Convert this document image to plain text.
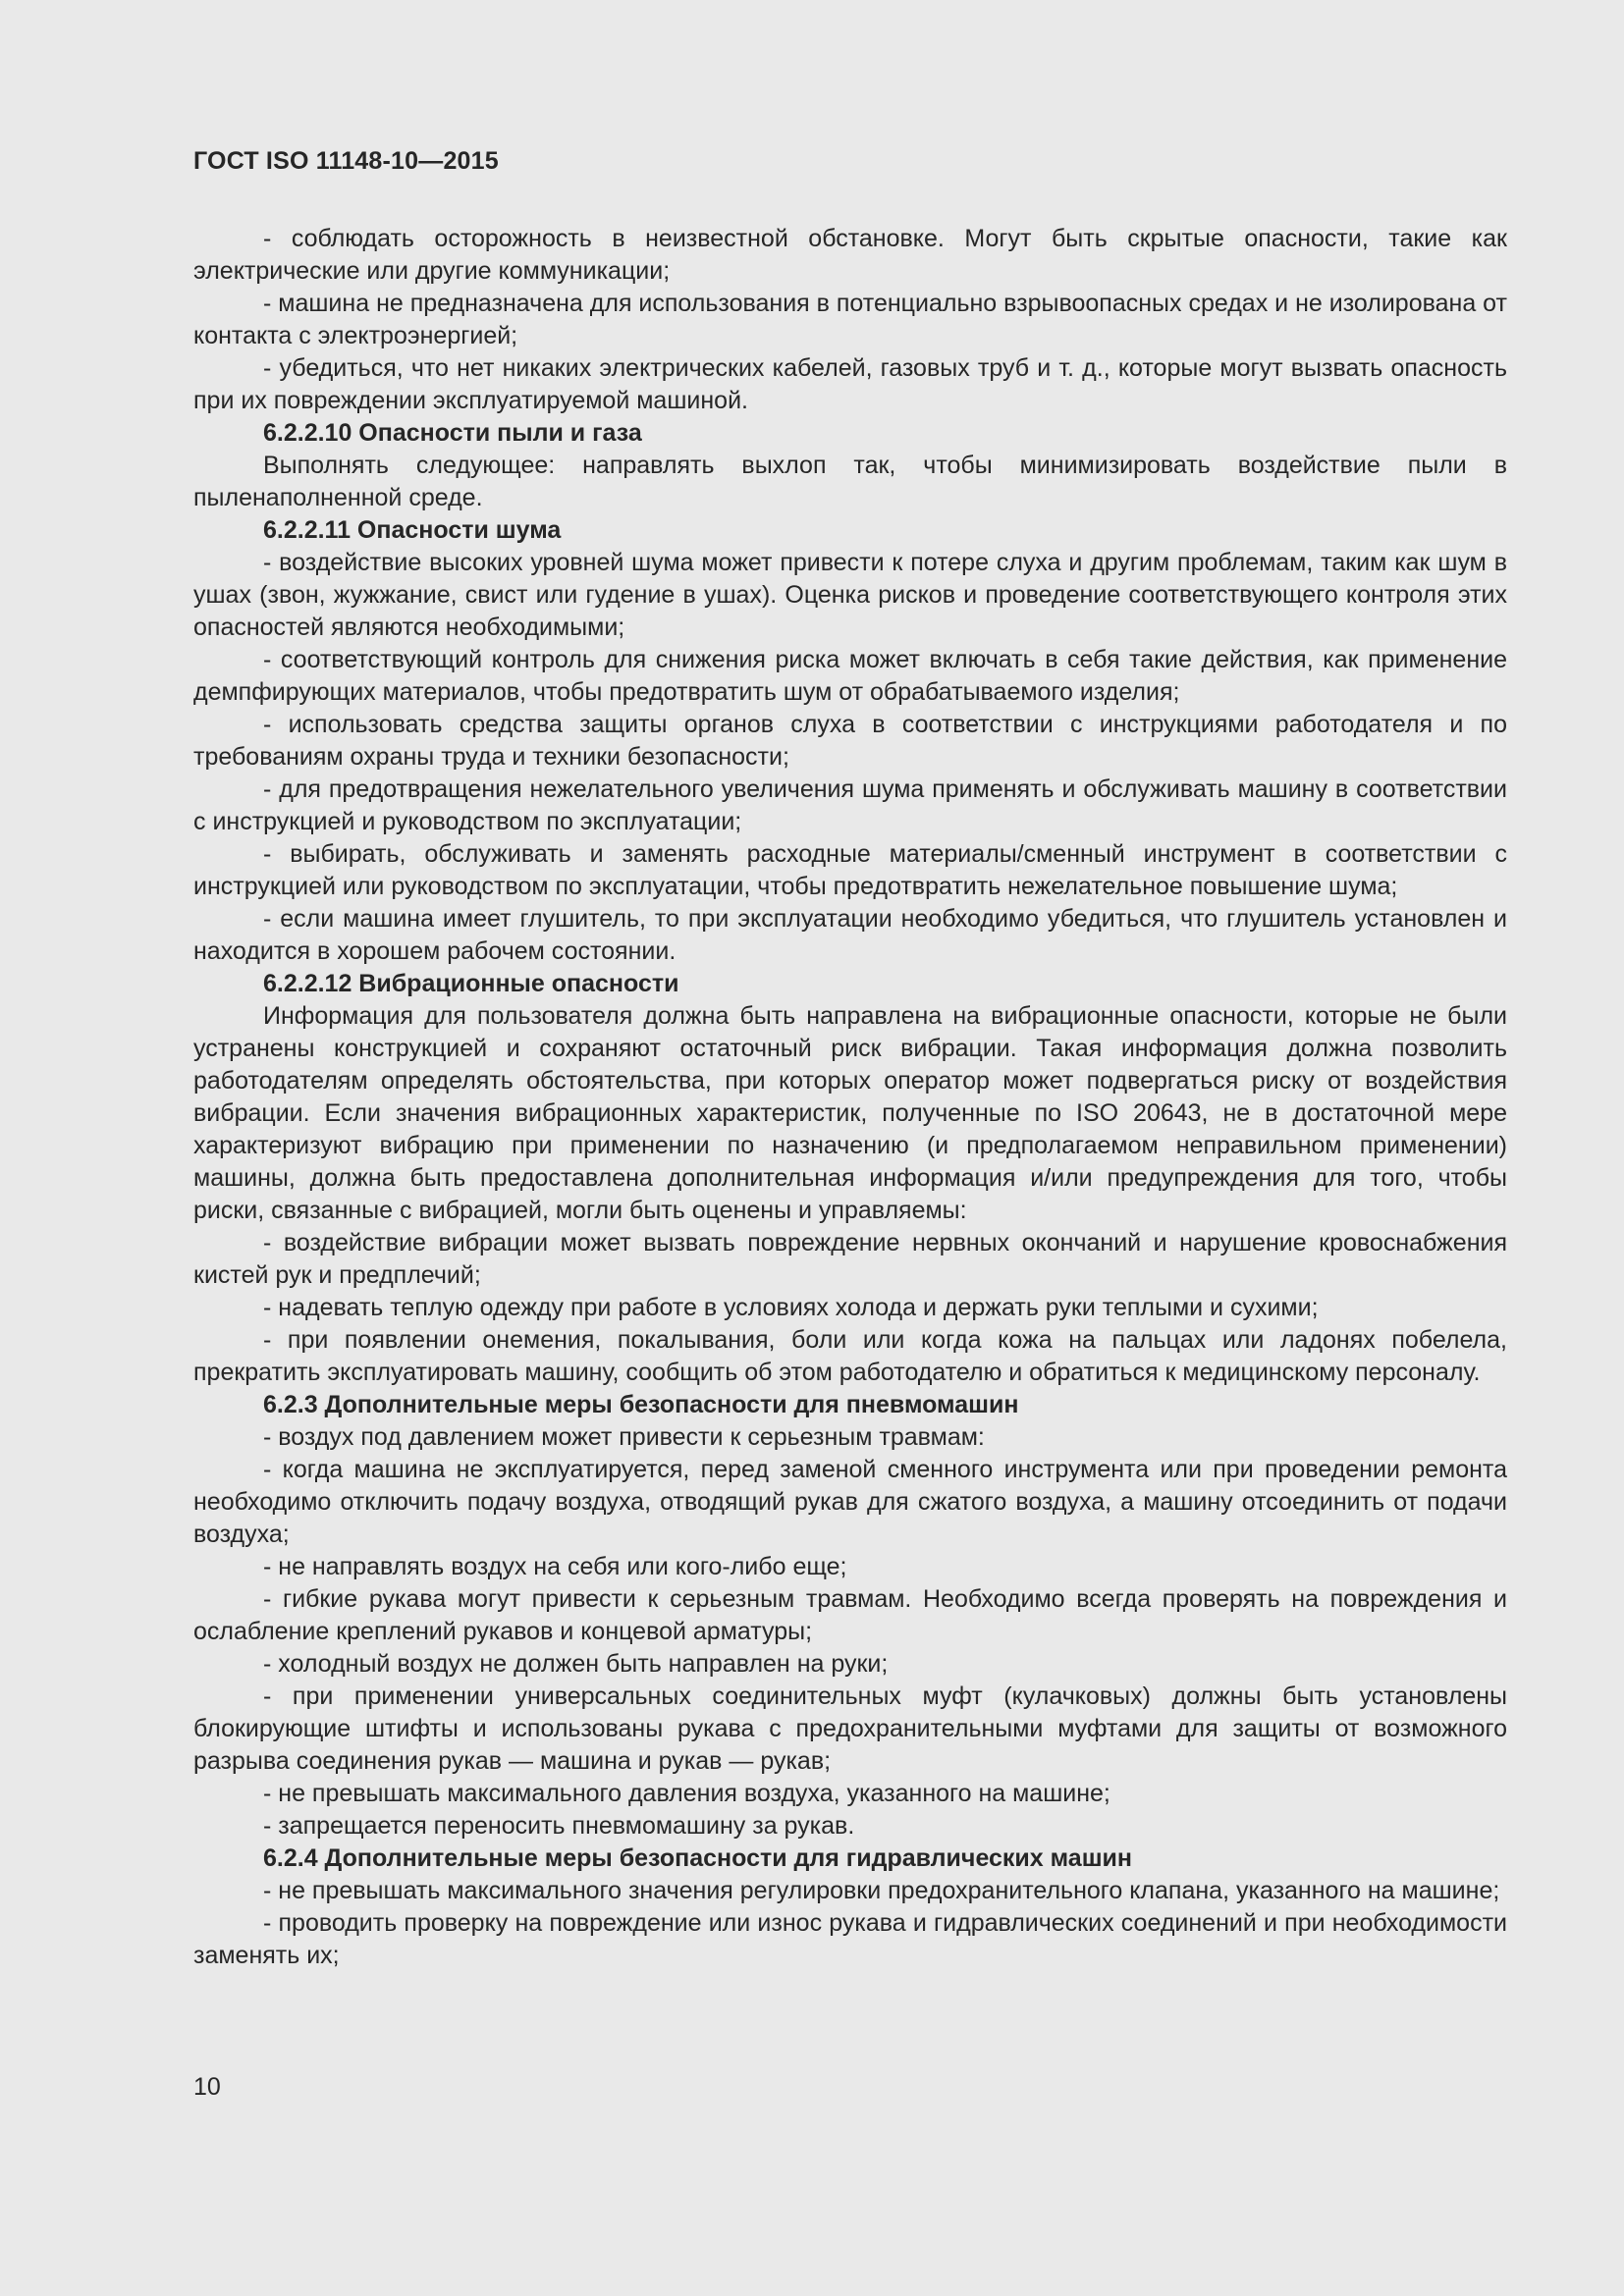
ГОСТ ISO 11148-10—2015

- соблюдать осторожность в неизвестной обстановке. Могут быть скрытые опасности, такие как электрические или другие коммуникации;

- машина не предназначена для использования в потенциально взрывоопасных средах и не изолирована от контакта с электроэнергией;

- убедиться, что нет никаких электрических кабелей, газовых труб и т. д., которые могут вызвать опасность при их повреждении эксплуатируемой машиной.

6.2.2.10 Опасности пыли и газа

Выполнять следующее: направлять выхлоп так, чтобы минимизировать воздействие пыли в пыленаполненной среде.

6.2.2.11 Опасности шума

- воздействие высоких уровней шума может привести к потере слуха и другим проблемам, таким как шум в ушах (звон, жужжание, свист или гудение в ушах). Оценка рисков и проведение соответствующего контроля этих опасностей являются необходимыми;

- соответствующий контроль для снижения риска может включать в себя такие действия, как применение демпфирующих материалов, чтобы предотвратить шум от обрабатываемого изделия;

- использовать средства защиты органов слуха в соответствии с инструкциями работодателя и по требованиям охраны труда и техники безопасности;

- для предотвращения нежелательного увеличения шума применять и обслуживать машину в соответствии с инструкцией и руководством по эксплуатации;

- выбирать, обслуживать и заменять расходные материалы/сменный инструмент в соответствии с инструкцией или руководством по эксплуатации, чтобы предотвратить нежелательное повышение шума;

- если машина имеет глушитель, то при эксплуатации необходимо убедиться, что глушитель установлен и находится в хорошем рабочем состоянии.

6.2.2.12 Вибрационные опасности

Информация для пользователя должна быть направлена на вибрационные опасности, которые не были устранены конструкцией и сохраняют остаточный риск вибрации. Такая информация должна позволить работодателям определять обстоятельства, при которых оператор может подвергаться риску от воздействия вибрации. Если значения вибрационных характеристик, полученные по ISO 20643, не в достаточной мере характеризуют вибрацию при применении по назначению (и предполагаемом неправильном применении) машины, должна быть предоставлена дополнительная информация и/или предупреждения для того, чтобы риски, связанные с вибрацией, могли быть оценены и управляемы:

- воздействие вибрации может вызвать повреждение нервных окончаний и нарушение кровоснабжения кистей рук и предплечий;

- надевать теплую одежду при работе в условиях холода и держать руки теплыми и сухими;

- при появлении онемения, покалывания, боли или когда кожа на пальцах или ладонях побелела, прекратить эксплуатировать машину, сообщить об этом работодателю и обратиться к медицинскому персоналу.

6.2.3 Дополнительные меры безопасности для пневмомашин

- воздух под давлением может привести к серьезным травмам:

- когда машина не эксплуатируется, перед заменой сменного инструмента или при проведении ремонта необходимо отключить подачу воздуха, отводящий рукав для сжатого воздуха, а машину отсоединить от подачи воздуха;

- не направлять воздух на себя или кого-либо еще;

- гибкие рукава могут привести к серьезным травмам. Необходимо всегда проверять на повреждения и ослабление креплений рукавов и концевой арматуры;

- холодный воздух не должен быть направлен на руки;

- при применении универсальных соединительных муфт (кулачковых) должны быть установлены блокирующие штифты и использованы рукава с предохранительными муфтами для защиты от возможного разрыва соединения рукав — машина и рукав — рукав;

- не превышать максимального давления воздуха, указанного на машине;

- запрещается переносить пневмомашину за рукав.

6.2.4 Дополнительные меры безопасности для гидравлических машин

- не превышать максимального значения регулировки предохранительного клапана, указанного на машине;

- проводить проверку на повреждение или износ рукава и гидравлических соединений и при необходимости заменять их;

10
